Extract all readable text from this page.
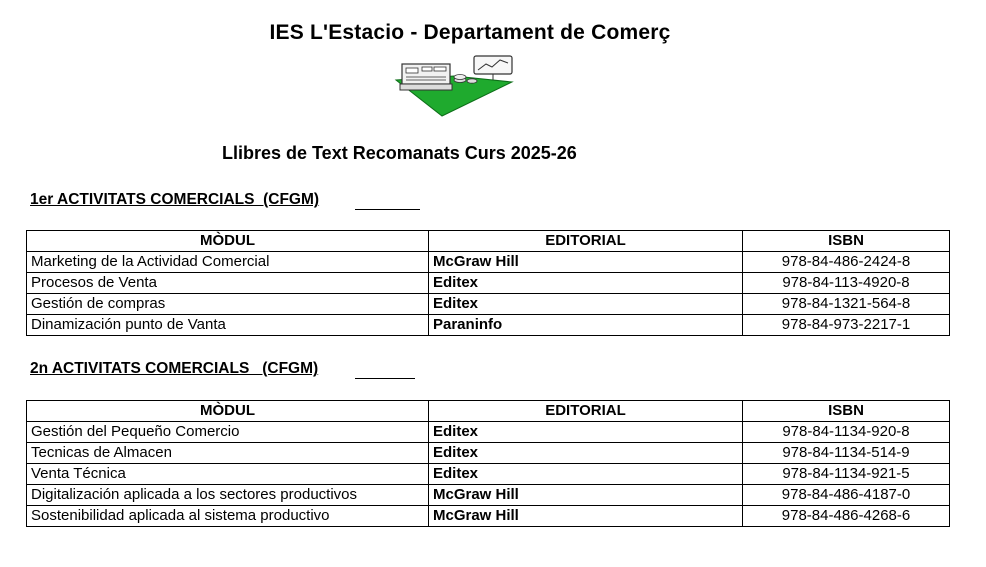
IES L'Estacio - Departament de Comerç
Llibres de Text Recomanats Curs 2025-26
1er ACTIVITATS COMERCIALS  (CFGM)
MÒDUL	EDITORIAL	ISBN
Marketing de la Actividad Comercial	McGraw Hill	978-84-486-2424-8
Procesos de Venta	Editex	978-84-113-4920-8
Gestión de compras	Editex	978-84-1321-564-8
Dinamización punto de Vanta	Paraninfo	978-84-973-2217-1
2n ACTIVITATS COMERCIALS   (CFGM)
MÒDUL	EDITORIAL	ISBN
Gestión del Pequeño Comercio	Editex	978-84-1134-920-8
Tecnicas de Almacen	Editex	978-84-1134-514-9
Venta Técnica	Editex	978-84-1134-921-5
Digitalización aplicada a los sectores productivos	McGraw Hill	978-84-486-4187-0
Sostenibilidad aplicada al sistema productivo	McGraw Hill	978-84-486-4268-6
